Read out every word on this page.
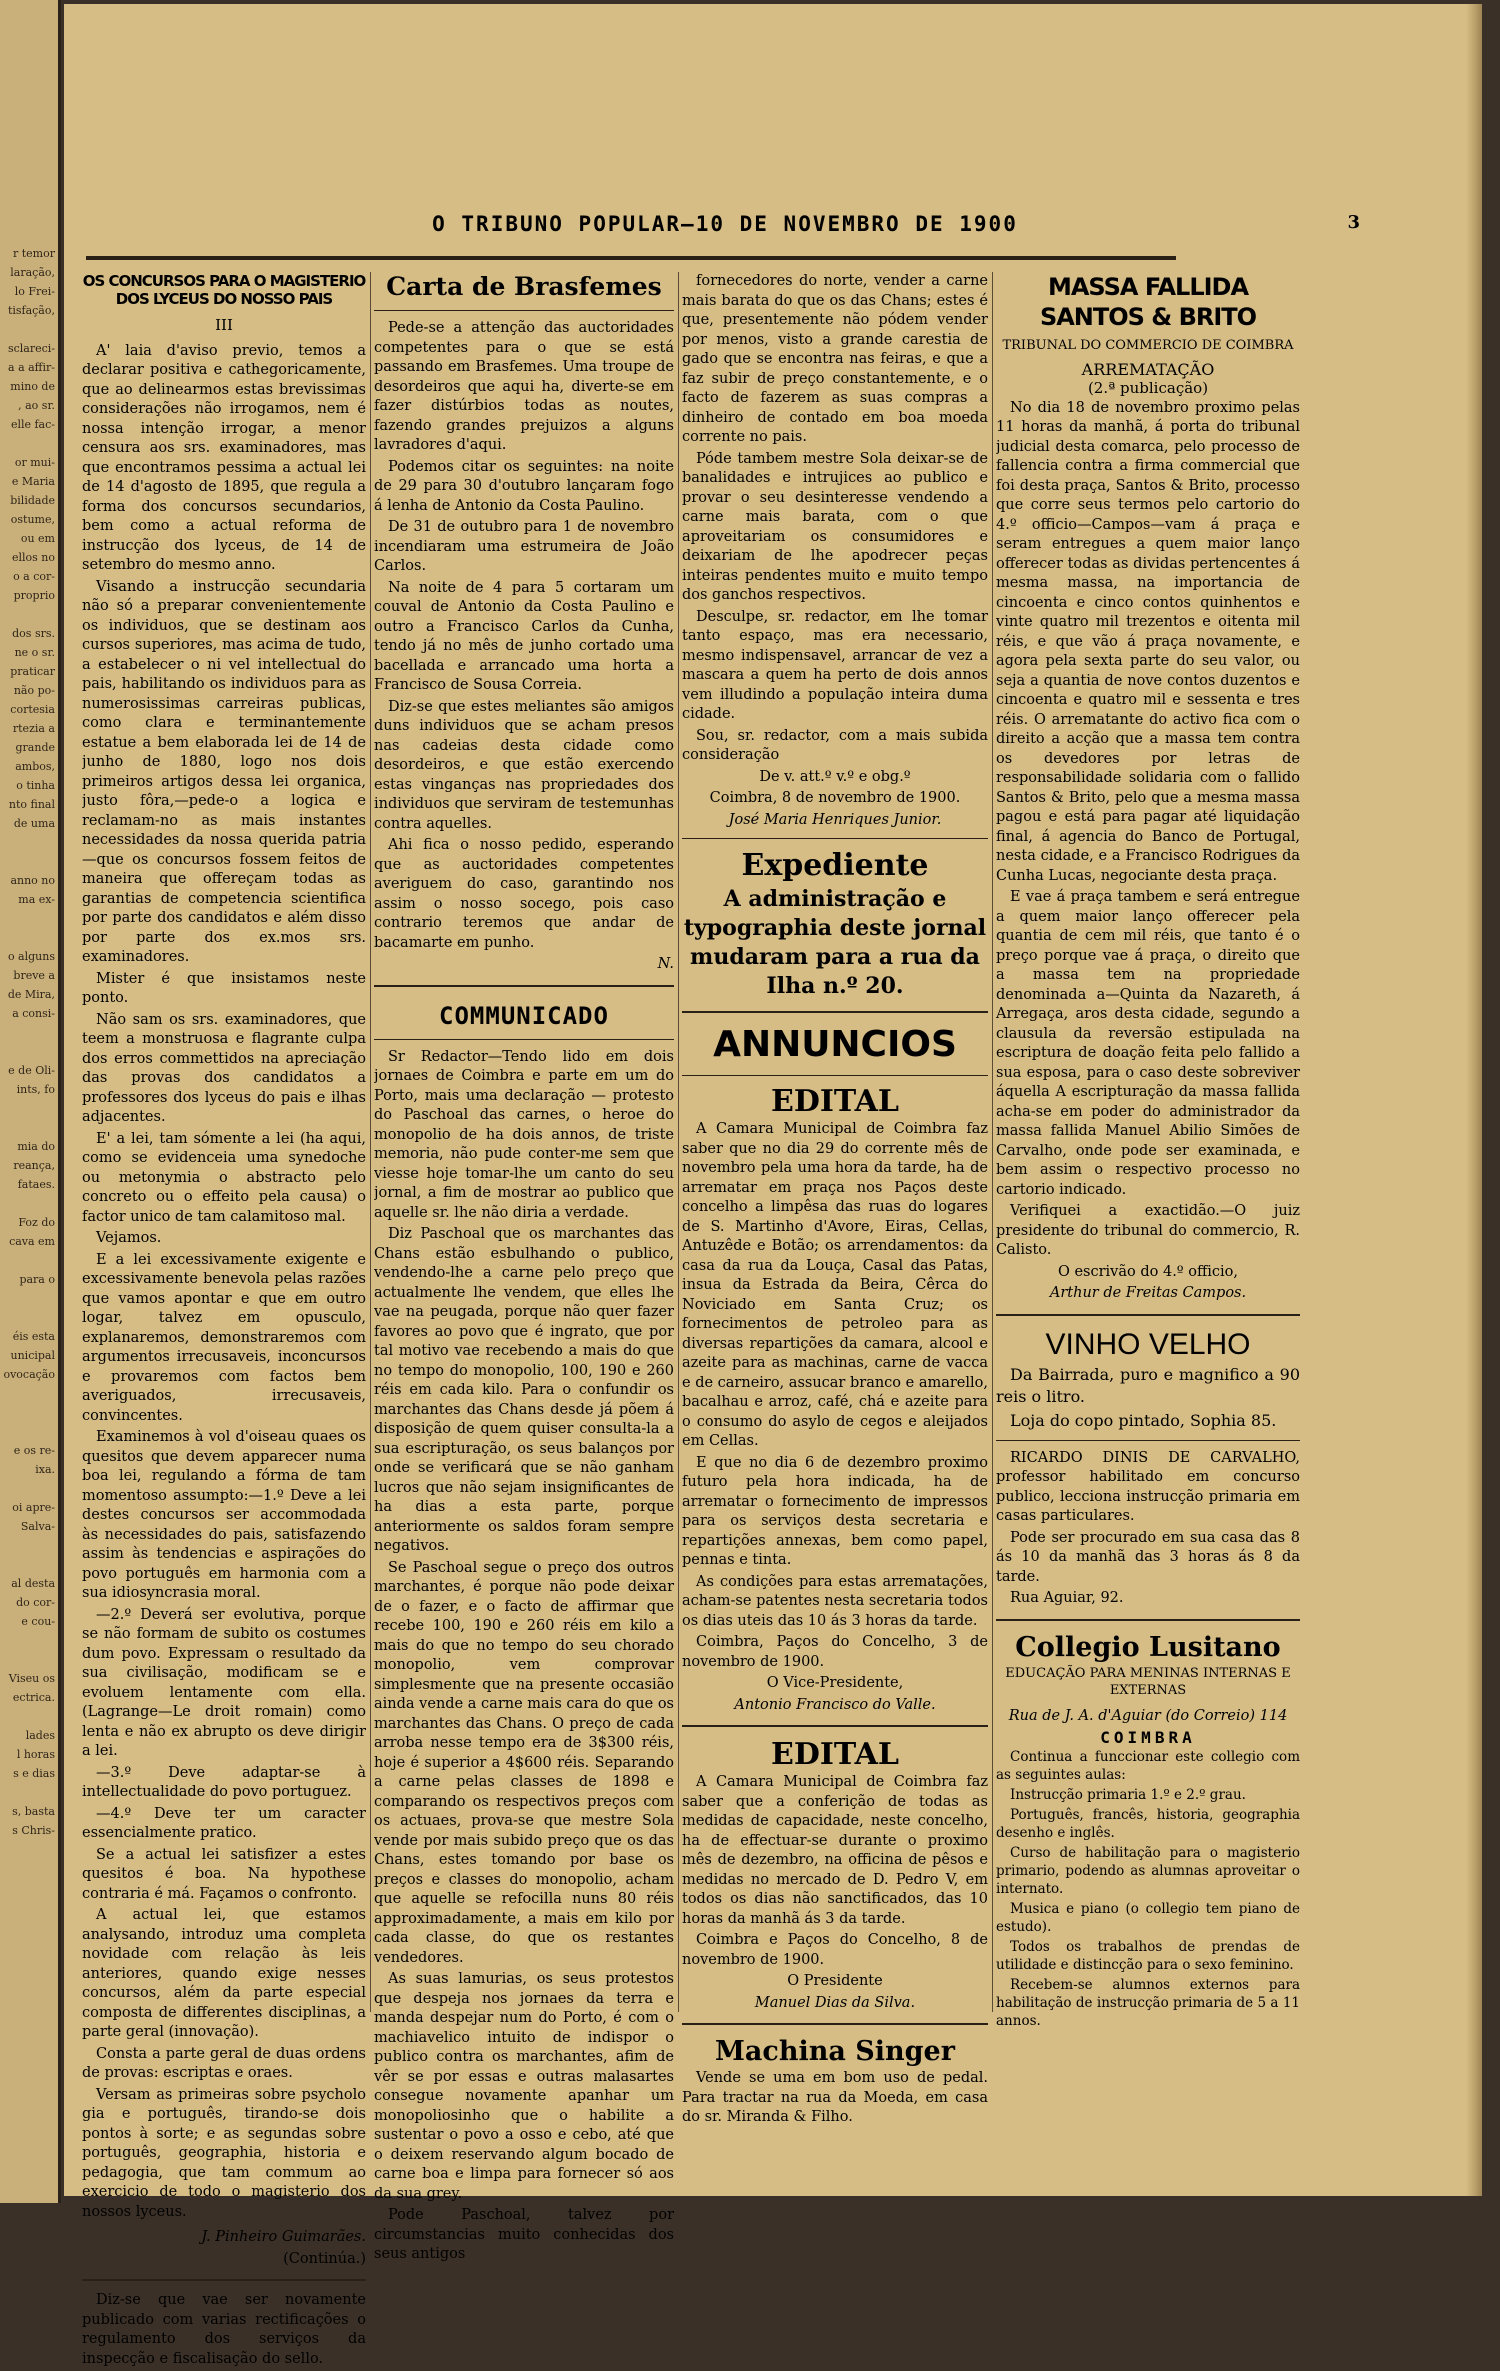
r temor

laração,

lo Frei-

tisfação,

sclareci-

a a affir-

mino de

, ao sr.

elle fac-

or mui-

e Maria

bilidade

ostume,

ou em

ellos no

o a cor-

proprio

dos srs.

ne o sr.

praticar

não po-

cortesia

rtezia a

grande

ambos,

o tinha

nto final

de uma

anno no

ma ex-

o alguns

breve a

de Mira,

a consi-

e de Oli-

ints, fo

mia do

reança,

fataes.

Foz do

cava em

para o

éis esta

unicipal

ovocação

e os re-

ixa.

oi apre-

Salva-

al desta

do cor-

e cou-

Viseu os

ectrica.

lades

l horas

s e dias

s, basta

s Chris-

O TRIBUNO POPULAR—10 DE NOVEMBRO DE 1900	3
OS CONCURSOS PARA O MAGISTERIO DOS LYCEUS DO NOSSO PAIS
III

A' laia d'aviso previo, temos a declarar positiva e cathegoricamente, que ao delinearmos estas brevissimas considerações não irrogamos, nem é nossa intenção irrogar, a menor censura aos srs. examinadores, mas que encontramos pessima a actual lei de 14 d'agosto de 1895, que regula a forma dos concursos secundarios, bem como a actual reforma de instrucção dos lyceus, de 14 de setembro do mesmo anno.

Visando a instrucção secundaria não só a preparar convenientemente os individuos, que se destinam aos cursos superiores, mas acima de tudo, a estabelecer o ni vel intellectual do pais, habilitando os individuos para as numerosissimas carreiras publicas, como clara e terminantemente estatue a bem elaborada lei de 14 de junho de 1880, logo nos dois primeiros artigos dessa lei organica, justo fôra,—pede-o a logica e reclamam-no as mais instantes necessidades da nossa querida patria—que os concursos fossem feitos de maneira que offereçam todas as garantias de competencia scientifica por parte dos candidatos e além disso por parte dos ex.mos srs. examinadores.

Mister é que insistamos neste ponto.

Não sam os srs. examinadores, que teem a monstruosa e flagrante culpa dos erros commettidos na apreciação das provas dos candidatos a professores dos lyceus do pais e ilhas adjacentes.

E' a lei, tam sómente a lei (ha aqui, como se evidenceia uma synedoche ou metonymia o abstracto pelo concreto ou o effeito pela causa) o factor unico de tam calamitoso mal.

Vejamos.

E a lei excessivamente exigente e excessivamente benevola pelas razões que vamos apontar e que em outro logar, talvez em opusculo, explanaremos, demonstraremos com argumentos irrecusaveis, inconcursos e provaremos com factos bem averiguados, irrecusaveis, convincentes.

Examinemos à vol d'oiseau quaes os quesitos que devem apparecer numa boa lei, regulando a fórma de tam momentoso assumpto:—1.º Deve a lei destes concursos ser accommodada às necessidades do pais, satisfazendo assim às tendencias e aspirações do povo português em harmonia com a sua idiosyncrasia moral.

—2.º Deverá ser evolutiva, porque se não formam de subito os costumes dum povo. Expressam o resultado da sua civilisação, modificam se e evoluem lentamente com ella. (Lagrange—Le droit romain) como lenta e não ex abrupto os deve dirigir a lei.

—3.º Deve adaptar-se à intellectualidade do povo portuguez.

—4.º Deve ter um caracter essencialmente pratico.

Se a actual lei satisfizer a estes quesitos é boa. Na hypothese contraria é má. Façamos o confronto.

A actual lei, que estamos analysando, introduz uma completa novidade com relação às leis anteriores, quando exige nesses concursos, além da parte especial composta de differentes disciplinas, a parte geral (innovação).

Consta a parte geral de duas ordens de provas: escriptas e oraes.

Versam as primeiras sobre psycholo gia e português, tirando-se dois pontos à sorte; e as segundas sobre português, geographia, historia e pedagogia, que tam commum ao exercicio de todo o magisterio dos nossos lyceus.

J. Pinheiro Guimarães.

(Continúa.)

Diz-se que vae ser novamente publicado com varias rectificações o regulamento dos serviços da inspecção e fiscalisação do sello.

Carta de Brasfemes

Pede-se a attenção das auctoridades competentes para o que se está passando em Brasfemes. Uma troupe de desordeiros que aqui ha, diverte-se em fazer distúrbios todas as noutes, fazendo grandes prejuizos a alguns lavradores d'aqui.

Podemos citar os seguintes: na noite de 29 para 30 d'outubro lançaram fogo á lenha de Antonio da Costa Paulino.

De 31 de outubro para 1 de novembro incendiaram uma estrumeira de João Carlos.

Na noite de 4 para 5 cortaram um couval de Antonio da Costa Paulino e outro a Francisco Carlos da Cunha, tendo já no mês de junho cortado uma bacellada e arrancado uma horta a Francisco de Sousa Correia.

Diz-se que estes meliantes são amigos duns individuos que se acham presos nas cadeias desta cidade como desordeiros, e que estão exercendo estas vinganças nas propriedades dos individuos que serviram de testemunhas contra aquelles.

Ahi fica o nosso pedido, esperando que as auctoridades competentes averiguem do caso, garantindo nos assim o nosso socego, pois caso contrario teremos que andar de bacamarte em punho.

N.

COMMUNICADO

Sr Redactor—Tendo lido em dois jornaes de Coimbra e parte em um do Porto, mais uma declaração — protesto do Paschoal das carnes, o heroe do monopolio de ha dois annos, de triste memoria, não pude conter-me sem que viesse hoje tomar-lhe um canto do seu jornal, a fim de mostrar ao publico que aquelle sr. lhe não diria a verdade.

Diz Paschoal que os marchantes das Chans estão esbulhando o publico, vendendo-lhe a carne pelo preço que actualmente lhe vendem, que elles lhe vae na peugada, porque não quer fazer favores ao povo que é ingrato, que por tal motivo vae recebendo a mais do que no tempo do monopolio, 100, 190 e 260 réis em cada kilo. Para o confundir os marchantes das Chans desde já põem á disposição de quem quiser consulta-la a sua escripturação, os seus balanços por onde se verificará que se não ganham lucros que não sejam insignificantes de ha dias a esta parte, porque anteriormente os saldos foram sempre negativos.

Se Paschoal segue o preço dos outros marchantes, é porque não pode deixar de o fazer, e o facto de affirmar que recebe 100, 190 e 260 réis em kilo a mais do que no tempo do seu chorado monopolio, vem comprovar simplesmente que na presente occasião ainda vende a carne mais cara do que os marchantes das Chans. O preço de cada arroba nesse tempo era de 3$300 réis, hoje é superior a 4$600 réis. Separando a carne pelas classes de 1898 e comparando os respectivos preços com os actuaes, prova-se que mestre Sola vende por mais subido preço que os das Chans, estes tomando por base os preços e classes do monopolio, acham que aquelle se refocilla nuns 80 réis approximadamente, a mais em kilo por cada classe, do que os restantes vendedores.

As suas lamurias, os seus protestos que despeja nos jornaes da terra e manda despejar num do Porto, é com o machiavelico intuito de indispor o publico contra os marchantes, afim de vêr se por essas e outras malasartes consegue novamente apanhar um monopoliosinho que o habilite a sustentar o povo a osso e cebo, até que o deixem reservando algum bocado de carne boa e limpa para fornecer só aos da sua grey.

Pode Paschoal, talvez por circumstancias muito conhecidas dos seus antigos

fornecedores do norte, vender a carne mais barata do que os das Chans; estes é que, presentemente não pódem vender por menos, visto a grande carestia de gado que se encontra nas feiras, e que a faz subir de preço constantemente, e o facto de fazerem as suas compras a dinheiro de contado em boa moeda corrente no pais.

Póde tambem mestre Sola deixar-se de banalidades e intrujices ao publico e provar o seu desinteresse vendendo a carne mais barata, com o que aproveitariam os consumidores e deixariam de lhe apodrecer peças inteiras pendentes muito e muito tempo dos ganchos respectivos.

Desculpe, sr. redactor, em lhe tomar tanto espaço, mas era necessario, mesmo indispensavel, arrancar de vez a mascara a quem ha perto de dois annos vem illudindo a população inteira duma cidade.

Sou, sr. redactor, com a mais subida consideração

De v. att.º v.º e obg.º

Coimbra, 8 de novembro de 1900.

José Maria Henriques Junior.

Expediente
A administração e typographia deste jornal mudaram para a rua da Ilha n.º 20.
ANNUNCIOS
EDITAL

A Camara Municipal de Coimbra faz saber que no dia 29 do corrente mês de novembro pela uma hora da tarde, ha de arrematar em praça nos Paços deste concelho a limpêsa das ruas do logares de S. Martinho d'Avore, Eiras, Cellas, Antuzêde e Botão; os arrendamentos: da casa da rua da Louça, Casal das Patas, insua da Estrada da Beira, Cêrca do Noviciado em Santa Cruz; os fornecimentos de petroleo para as diversas repartições da camara, alcool e azeite para as machinas, carne de vacca e de carneiro, assucar branco e amarello, bacalhau e arroz, café, chá e azeite para o consumo do asylo de cegos e aleijados em Cellas.

E que no dia 6 de dezembro proximo futuro pela hora indicada, ha de arrematar o fornecimento de impressos para os serviços desta secretaria e repartições annexas, bem como papel, pennas e tinta.

As condições para estas arrematações, acham-se patentes nesta secretaria todos os dias uteis das 10 ás 3 horas da tarde.

Coimbra, Paços do Concelho, 3 de novembro de 1900.

O Vice-Presidente,

Antonio Francisco do Valle.

EDITAL

A Camara Municipal de Coimbra faz saber que a conferição de todas as medidas de capacidade, neste concelho, ha de effectuar-se durante o proximo mês de dezembro, na officina de pêsos e medidas no mercado de D. Pedro V, em todos os dias não sanctificados, das 10 horas da manhã ás 3 da tarde.

Coimbra e Paços do Concelho, 8 de novembro de 1900.

O Presidente

Manuel Dias da Silva.

Machina Singer

Vende se uma em bom uso de pedal. Para tractar na rua da Moeda, em casa do sr. Miranda & Filho.

MASSA FALLIDA SANTOS & BRITO
TRIBUNAL DO COMMERCIO DE COIMBRA
ARREMATAÇÃO
(2.ª publicação)

No dia 18 de novembro proximo pelas 11 horas da manhã, á porta do tribunal judicial desta comarca, pelo processo de fallencia contra a firma commercial que foi desta praça, Santos & Brito, processo que corre seus termos pelo cartorio do 4.º officio—Campos—vam á praça e seram entregues a quem maior lanço offerecer todas as dividas pertencentes á mesma massa, na importancia de cincoenta e cinco contos quinhentos e vinte quatro mil trezentos e oitenta mil réis, e que vão á praça novamente, e agora pela sexta parte do seu valor, ou seja a quantia de nove contos duzentos e cincoenta e quatro mil e sessenta e tres réis. O arrematante do activo fica com o direito a acção que a massa tem contra os devedores por letras de responsabilidade solidaria com o fallido Santos & Brito, pelo que a mesma massa pagou e está para pagar até liquidação final, á agencia do Banco de Portugal, nesta cidade, e a Francisco Rodrigues da Cunha Lucas, negociante desta praça.

E vae á praça tambem e será entregue a quem maior lanço offerecer pela quantia de cem mil réis, que tanto é o preço porque vae á praça, o direito que a massa tem na propriedade denominada a—Quinta da Nazareth, á Arregaça, aros desta cidade, segundo a clausula da reversão estipulada na escriptura de doação feita pelo fallido a sua esposa, para o caso deste sobreviver áquella A escripturação da massa fallida acha-se em poder do administrador da massa fallida Manuel Abilio Simões de Carvalho, onde pode ser examinada, e bem assim o respectivo processo no cartorio indicado.

Verifiquei a exactidão.—O juiz presidente do tribunal do commercio, R. Calisto.

O escrivão do 4.º officio,

Arthur de Freitas Campos.

VINHO VELHO

Da Bairrada, puro e magnifico a 90 reis o litro.

Loja do copo pintado, Sophia 85.

RICARDO DINIS DE CARVALHO, professor habilitado em concurso publico, lecciona instrucção primaria em casas particulares.

Pode ser procurado em sua casa das 8 ás 10 da manhã das 3 horas ás 8 da tarde.

Rua Aguiar, 92.

Collegio Lusitano
EDUCAÇÃO PARA MENINAS INTERNAS E EXTERNAS

Rua de J. A. d'Aguiar (do Correio) 114

COIMBRA

Continua a funccionar este collegio com as seguintes aulas:

Instrucção primaria 1.º e 2.º grau.

Português, francês, historia, geographia desenho e inglês.

Curso de habilitação para o magisterio primario, podendo as alumnas aproveitar o internato.

Musica e piano (o collegio tem piano de estudo).

Todos os trabalhos de prendas de utilidade e distincção para o sexo feminino.

Recebem-se alumnos externos para habilitação de instrucção primaria de 5 a 11 annos.
